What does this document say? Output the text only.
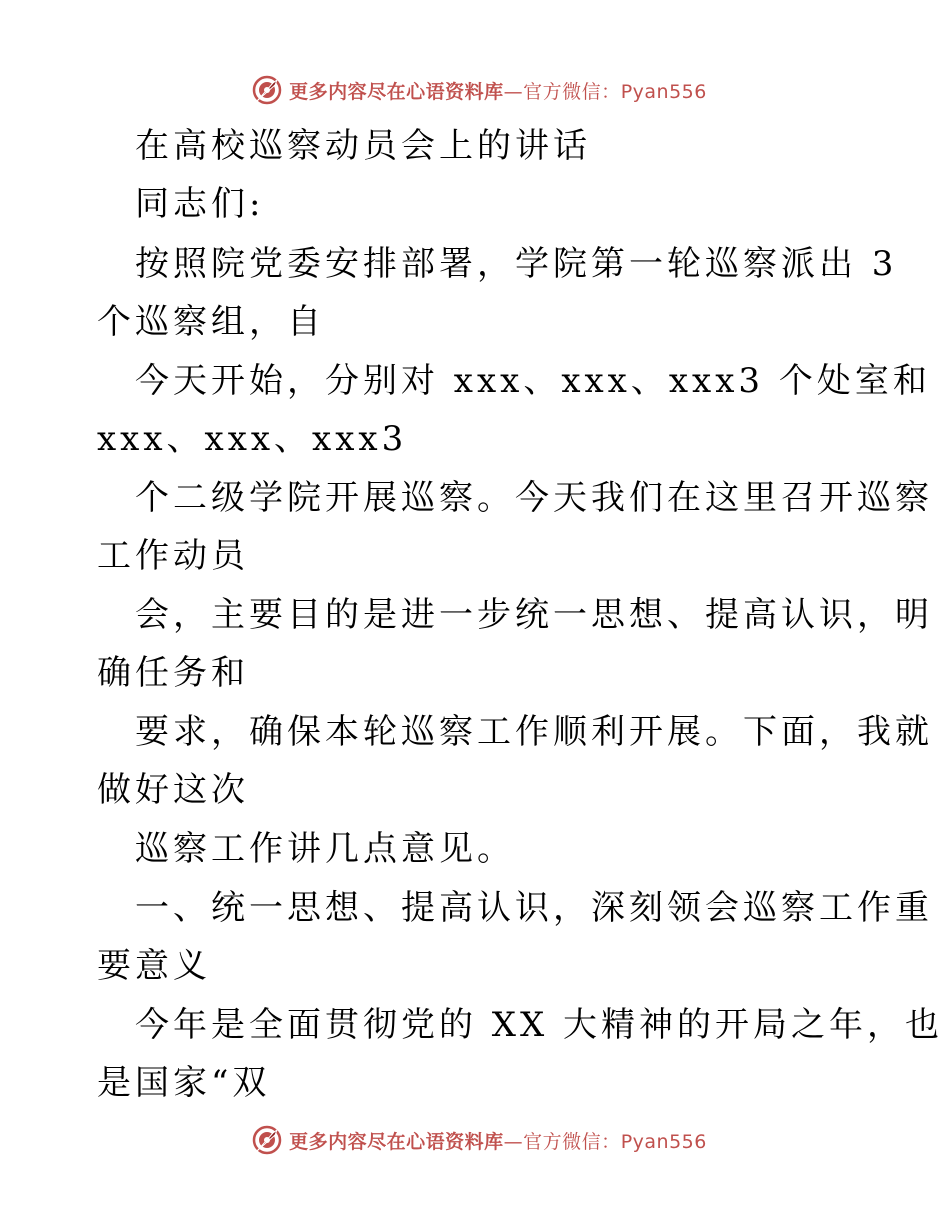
更多内容尽在心语资料库—官方微信：Pyan556
在高校巡察动员会上的讲话
同志们:
按照院党委安排部署，学院第一轮巡察派出 3
个巡察组，自
今天开始，分别对 xxx、xxx、xxx3 个处室和
xxx、xxx、xxx3
个二级学院开展巡察。今天我们在这里召开巡察
工作动员
会，主要目的是进一步统一思想、提高认识，明
确任务和
要求，确保本轮巡察工作顺利开展。下面，我就
做好这次
巡察工作讲几点意见。
一、统一思想、提高认识，深刻领会巡察工作重
要意义
今年是全面贯彻党的 XX 大精神的开局之年，也
是国家“双
更多内容尽在心语资料库—官方微信：Pyan556
